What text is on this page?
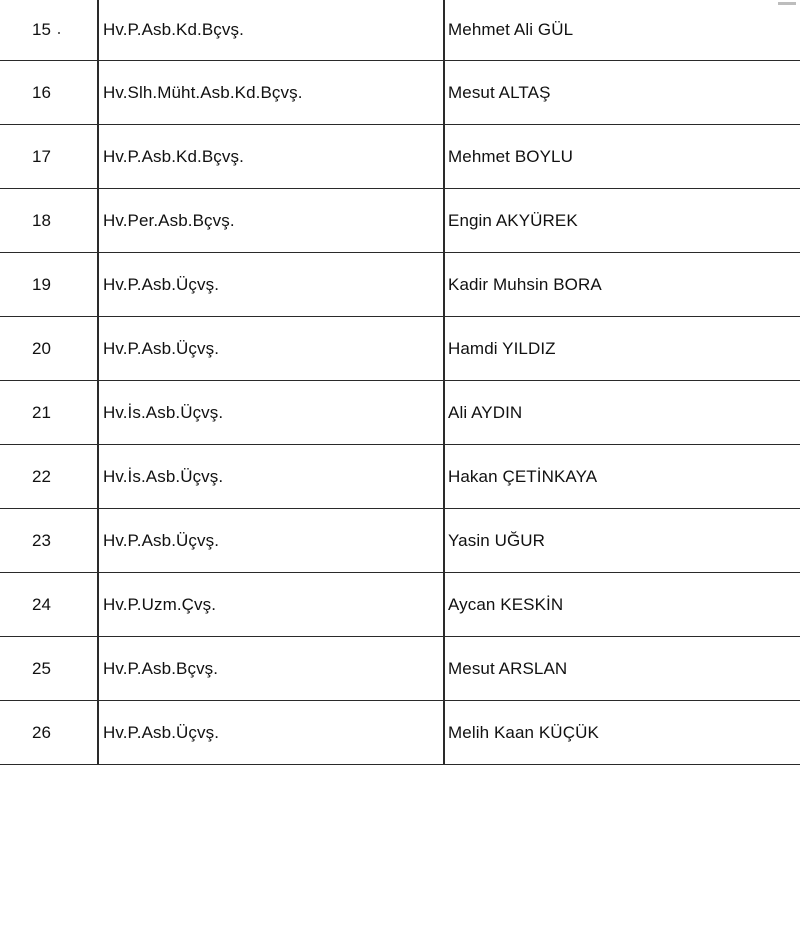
15	Hv.P.Asb.Kd.Bçvş.	Mehmet Ali GÜL
16	Hv.Slh.Müht.Asb.Kd.Bçvş.	Mesut ALTAŞ
17	Hv.P.Asb.Kd.Bçvş.	Mehmet BOYLU
18	Hv.Per.Asb.Bçvş.	Engin AKYÜREK
19	Hv.P.Asb.Üçvş.	Kadir Muhsin BORA
20	Hv.P.Asb.Üçvş.	Hamdi YILDIZ
21	Hv.İs.Asb.Üçvş.	Ali AYDIN
22	Hv.İs.Asb.Üçvş.	Hakan ÇETİNKAYA
23	Hv.P.Asb.Üçvş.	Yasin UĞUR
24	Hv.P.Uzm.Çvş.	Aycan KESKİN
25	Hv.P.Asb.Bçvş.	Mesut ARSLAN
26	Hv.P.Asb.Üçvş.	Melih Kaan KÜÇÜK
